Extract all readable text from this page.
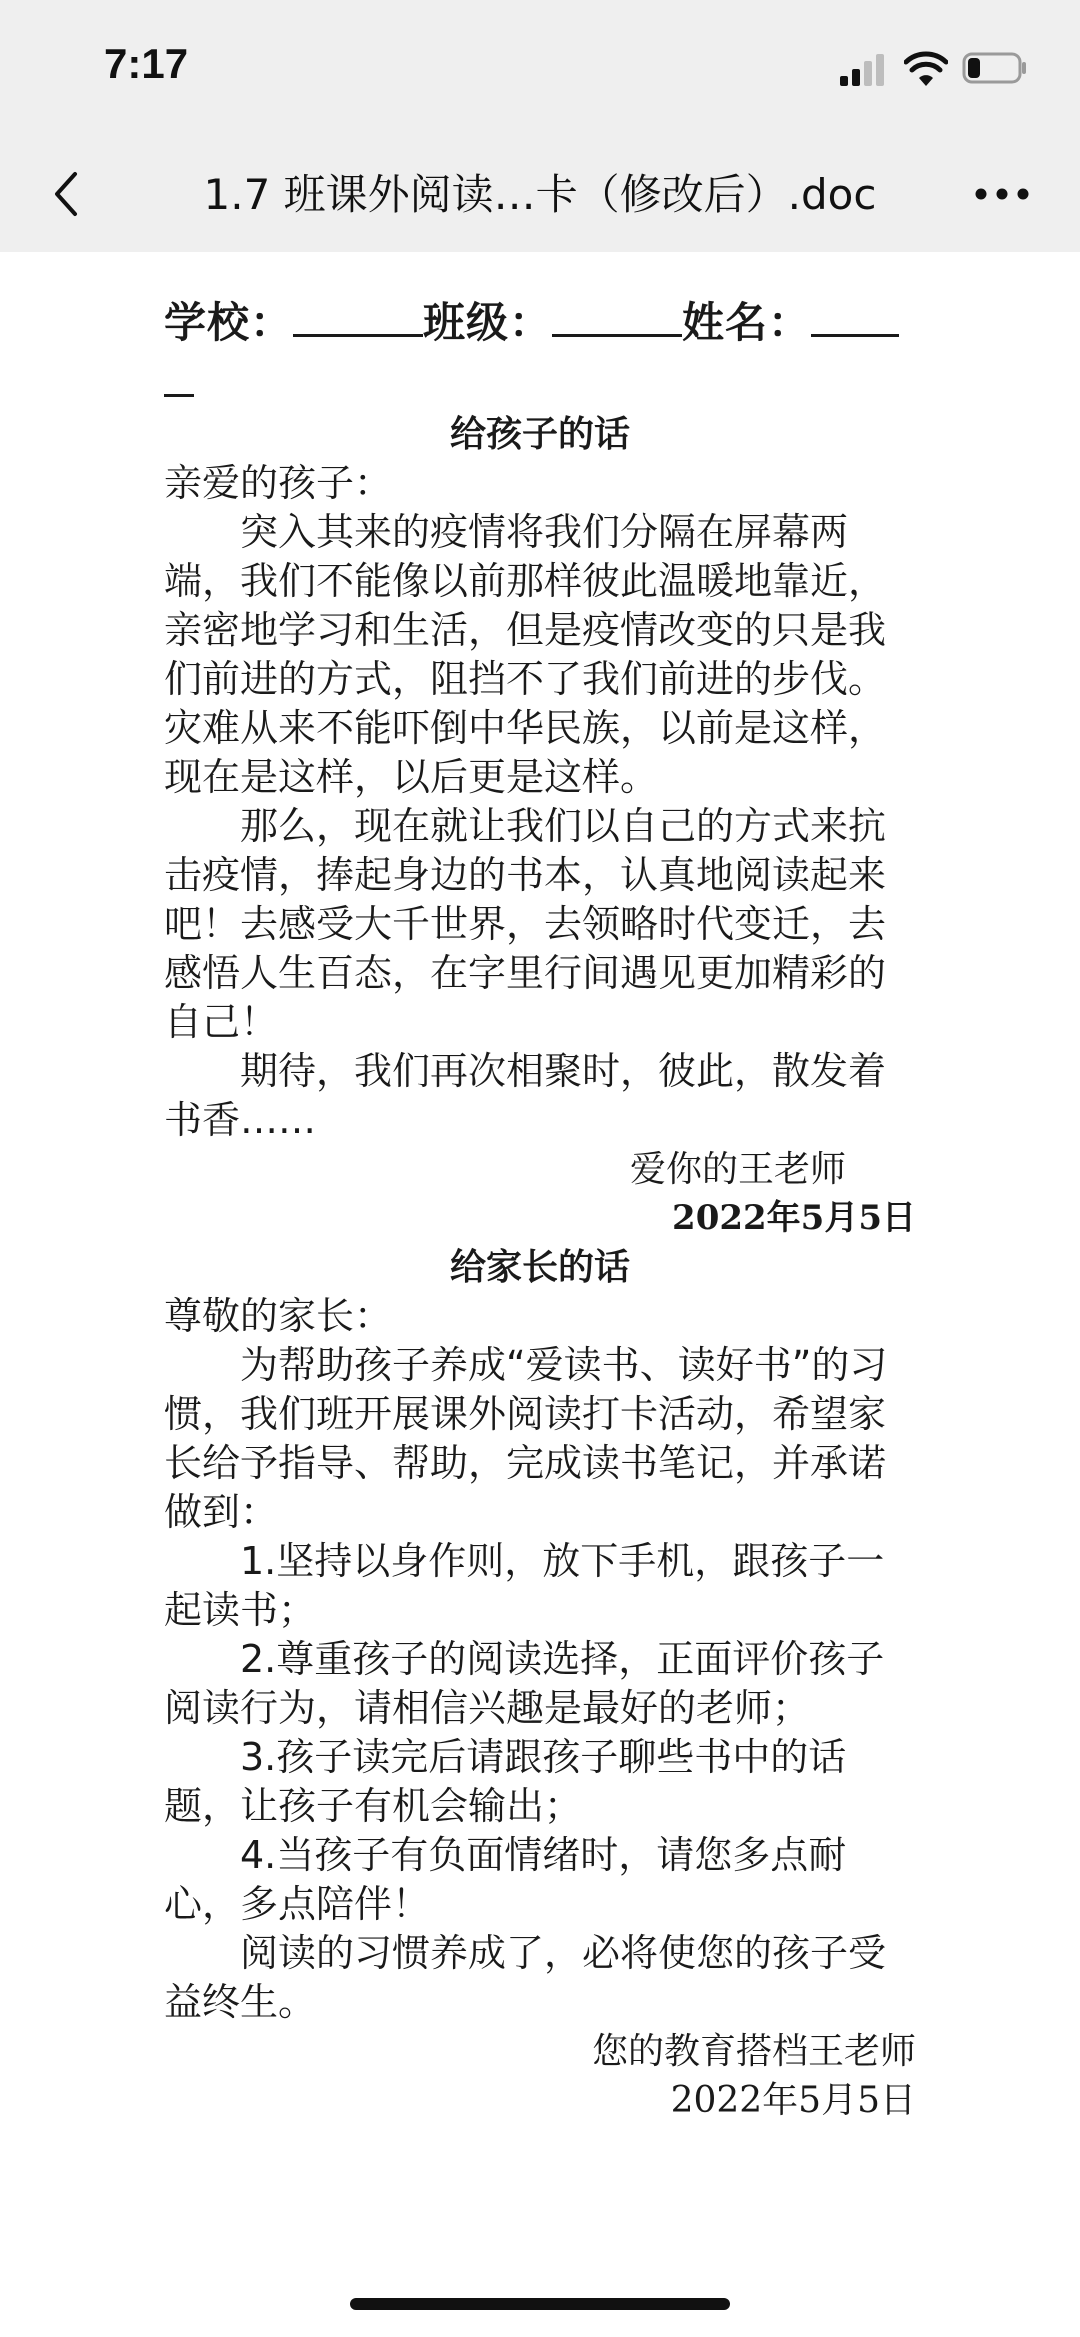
7:17
1.7 班课外阅读…卡（修改后）.doc

学校：	班级：	姓名：

给孩子的话

亲爱的孩子：

突入其来的疫情将我们分隔在屏幕两端，我们不能像以前那样彼此温暖地靠近，亲密地学习和生活，但是疫情改变的只是我们前进的方式，阻挡不了我们前进的步伐。灾难从来不能吓倒中华民族，以前是这样，现在是这样，以后更是这样。

那么，现在就让我们以自己的方式来抗击疫情，捧起身边的书本，认真地阅读起来吧！去感受大千世界，去领略时代变迁，去感悟人生百态，在字里行间遇见更加精彩的自己！

期待，我们再次相聚时，彼此，散发着书香……

爱你的王老师

2022年5月5日

给家长的话

尊敬的家长：

为帮助孩子养成“爱读书、读好书”的习惯，我们班开展课外阅读打卡活动，希望家长给予指导、帮助，完成读书笔记，并承诺做到：

1.坚持以身作则，放下手机，跟孩子一起读书；

2.尊重孩子的阅读选择，正面评价孩子阅读行为，请相信兴趣是最好的老师；

3.孩子读完后请跟孩子聊些书中的话题，让孩子有机会输出；

4.当孩子有负面情绪时，请您多点耐心，多点陪伴！

阅读的习惯养成了，必将使您的孩子受益终生。

您的教育搭档王老师

2022年5月5日
